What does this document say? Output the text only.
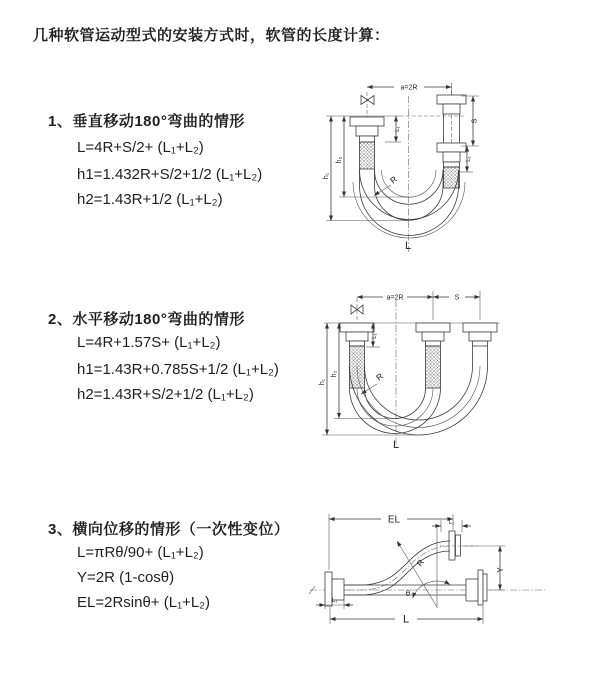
几种软管运动型式的安装方式时，软管的长度计算：
1、垂直移动180°弯曲的情形
L=4R+S/2+ (L₁+L₂)
h1=1.432R+S/2+1/2 (L₁+L₂)
h2=1.43R+1/2 (L₁+L₂)
2、水平移动180°弯曲的情形
L=4R+1.57S+ (L₁+L₂)
h1=1.43R+0.785S+1/2 (L₁+L₂)
h2=1.43R+S/2+1/2 (L₁+L₂)
3、横向位移的情形（一次性变位）
L=πRθ/90+ (L₁+L₂)
Y=2R (1-cosθ)
EL=2Rsinθ+ (L₁+L₂)
a=2R
h₁
h₂
L₁
S
L₁
R
L
a=2R	S
h₁
h₂
L₁
R
L
EL	L₁
Y
θ
R
L
L₁
